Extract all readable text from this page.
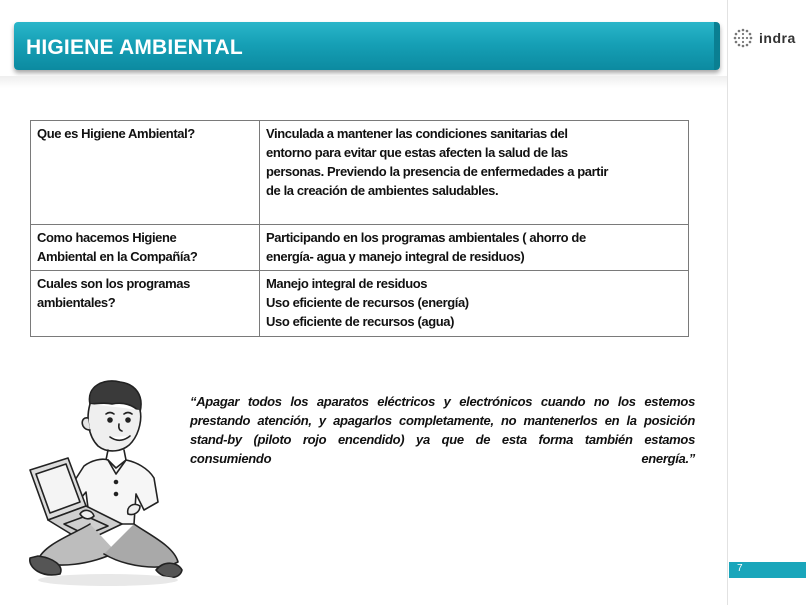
HIGIENE AMBIENTAL	indra
Que es Higiene Ambiental?	Vinculada a mantener las condiciones sanitarias del
entorno para evitar que estas afecten la salud de las
personas. Previendo la presencia de enfermedades a partir
de la creación de ambientes saludables.

Como hacemos Higiene
Ambiental en la Compañía?	Participando en los programas ambientales ( ahorro de
energía- agua y manejo integral de residuos)

Cuales son los programas
ambientales?	Manejo integral de residuos
Uso eficiente de recursos (energía)
Uso eficiente de recursos (agua)
“Apagar todos los aparatos eléctricos y electrónicos cuando no los estemos prestando atención, y apagarlos completamente, no mantenerlos en la posición stand-by (piloto rojo encendido) ya que de esta forma también estamos consumiendo energía.”
7
